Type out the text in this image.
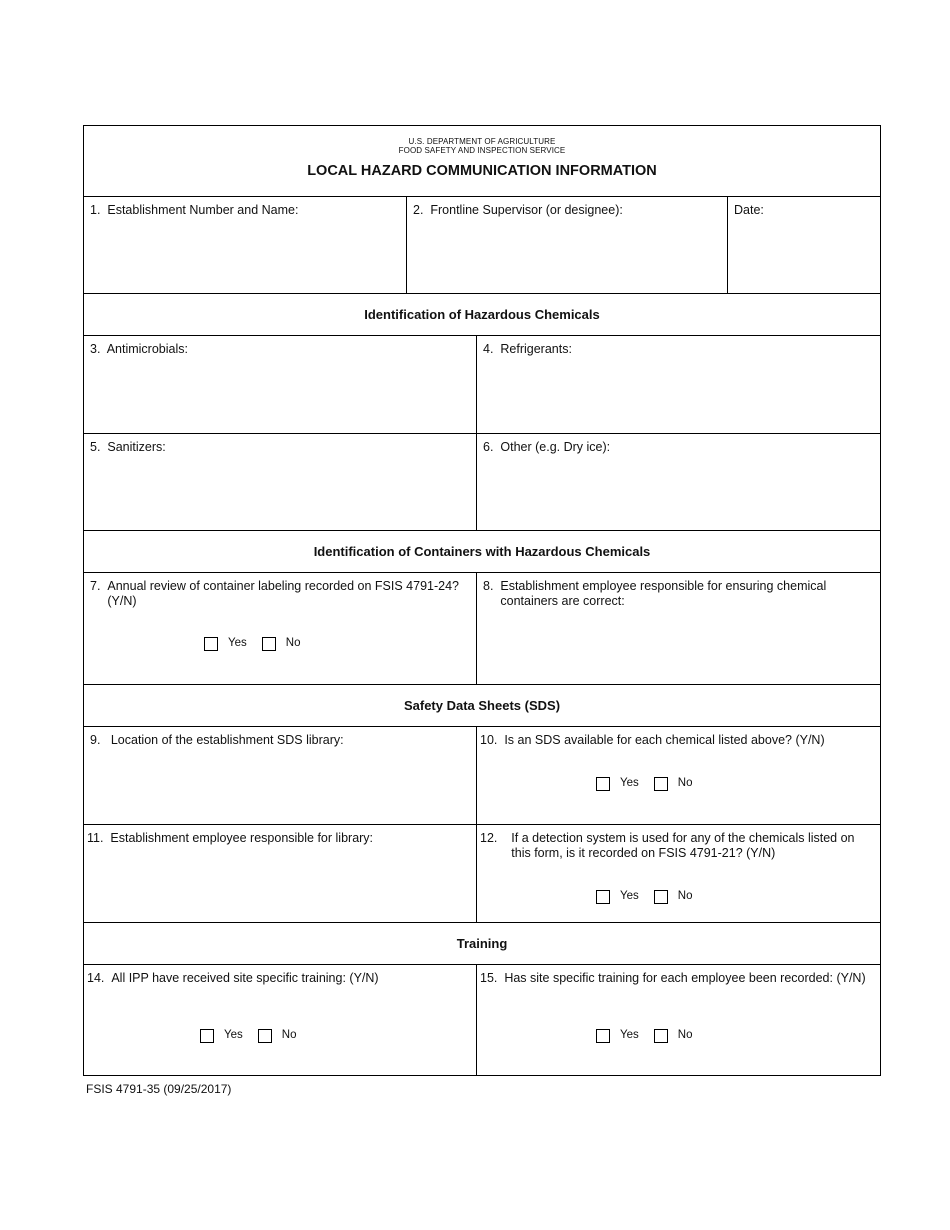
U.S. DEPARTMENT OF AGRICULTURE
FOOD SAFETY AND INSPECTION SERVICE
LOCAL HAZARD COMMUNICATION INFORMATION
1.  Establishment Number and Name:	2.  Frontline Supervisor (or designee):	Date:
Identification of Hazardous Chemicals
3.  Antimicrobials:	4.  Refrigerants:
5.  Sanitizers:	6.  Other (e.g. Dry ice):
Identification of Containers with Hazardous Chemicals
7. Annual review of container labeling recorded on FSIS 4791-24? (Y/N)
Yes	No
8. Establishment employee responsible for ensuring chemical containers are correct:
Safety Data Sheets (SDS)
9.   Location of the establishment SDS library:	10. Is an SDS available for each chemical listed above? (Y/N)
Yes	No
11.  Establishment employee responsible for library:	12. If a detection system is used for any of the chemicals listed on this form, is it recorded on FSIS 4791-21? (Y/N)
Yes	No
Training
14. All IPP have received site specific training: (Y/N)
Yes	No
15. Has site specific training for each employee been recorded: (Y/N)
Yes	No
FSIS 4791-35 (09/25/2017)
